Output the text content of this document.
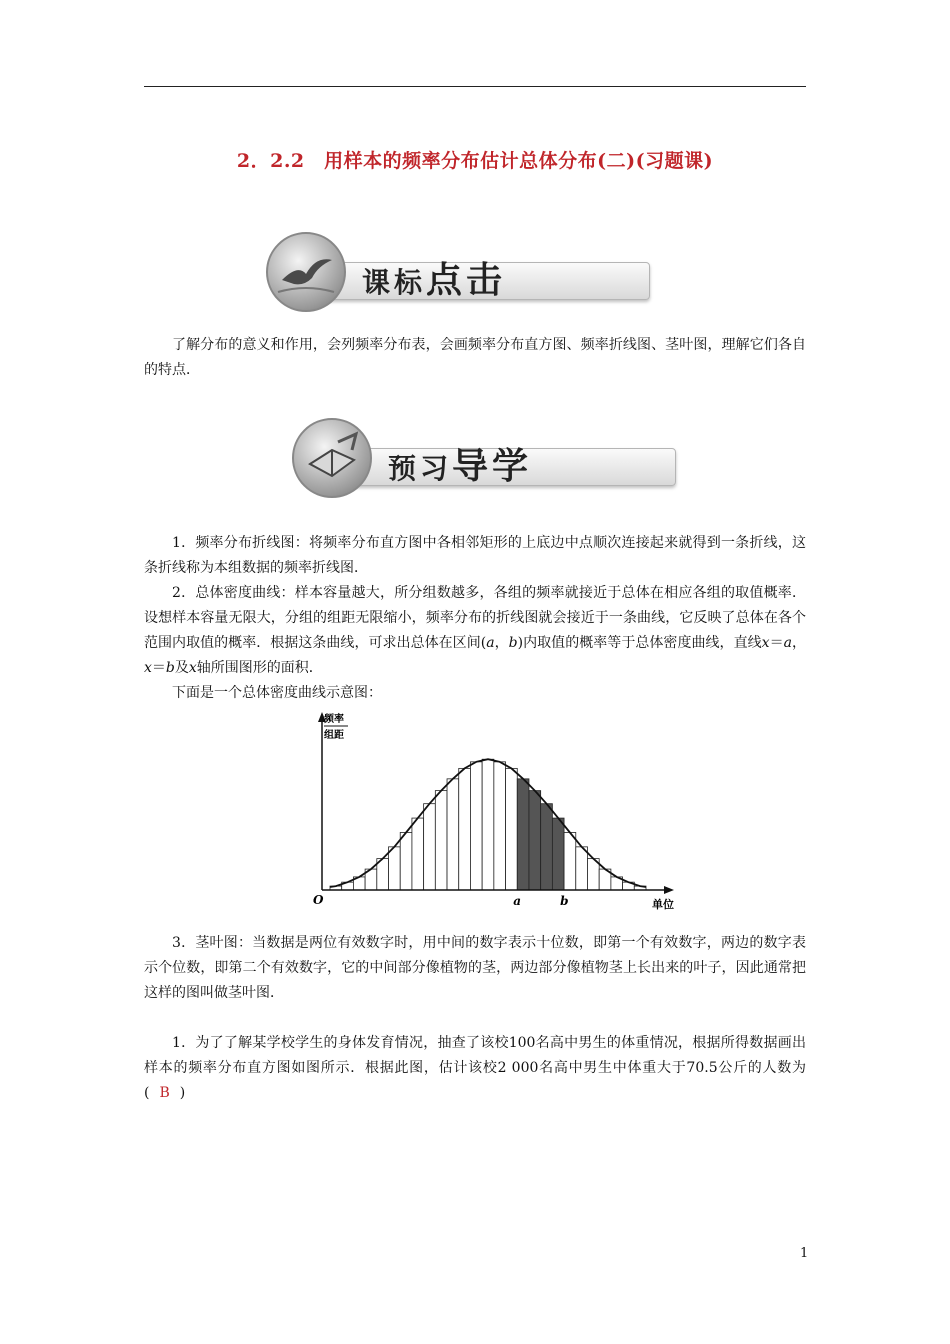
2．2.2　用样本的频率分布估计总体分布(二)(习题课)
课标点击
了解分布的意义和作用，会列频率分布表，会画频率分布直方图、频率折线图、茎叶图，理解它们各自的特点．
预习导学
1．频率分布折线图：将频率分布直方图中各相邻矩形的上底边中点顺次连接起来就得到一条折线，这条折线称为本组数据的频率折线图．
2．总体密度曲线：样本容量越大，所分组数越多，各组的频率就接近于总体在相应各组的取值概率．设想样本容量无限大，分组的组距无限缩小，频率分布的折线图就会接近于一条曲线，它反映了总体在各个范围内取值的概率．根据这条曲线，可求出总体在区间(a，b)内取值的概率等于总体密度曲线，直线x＝a，x＝b及x轴所围图形的面积．
下面是一个总体密度曲线示意图：
频率
组距
O	a	b	单位
3．茎叶图：当数据是两位有效数字时，用中间的数字表示十位数，即第一个有效数字，两边的数字表示个位数，即第二个有效数字，它的中间部分像植物的茎，两边部分像植物茎上长出来的叶子，因此通常把这样的图叫做茎叶图．
1．为了了解某学校学生的身体发育情况，抽查了该校100名高中男生的体重情况，根据所得数据画出样本的频率分布直方图如图所示．根据此图，估计该校2 000名高中男生中体重大于70.5公斤的人数为( B )
1
